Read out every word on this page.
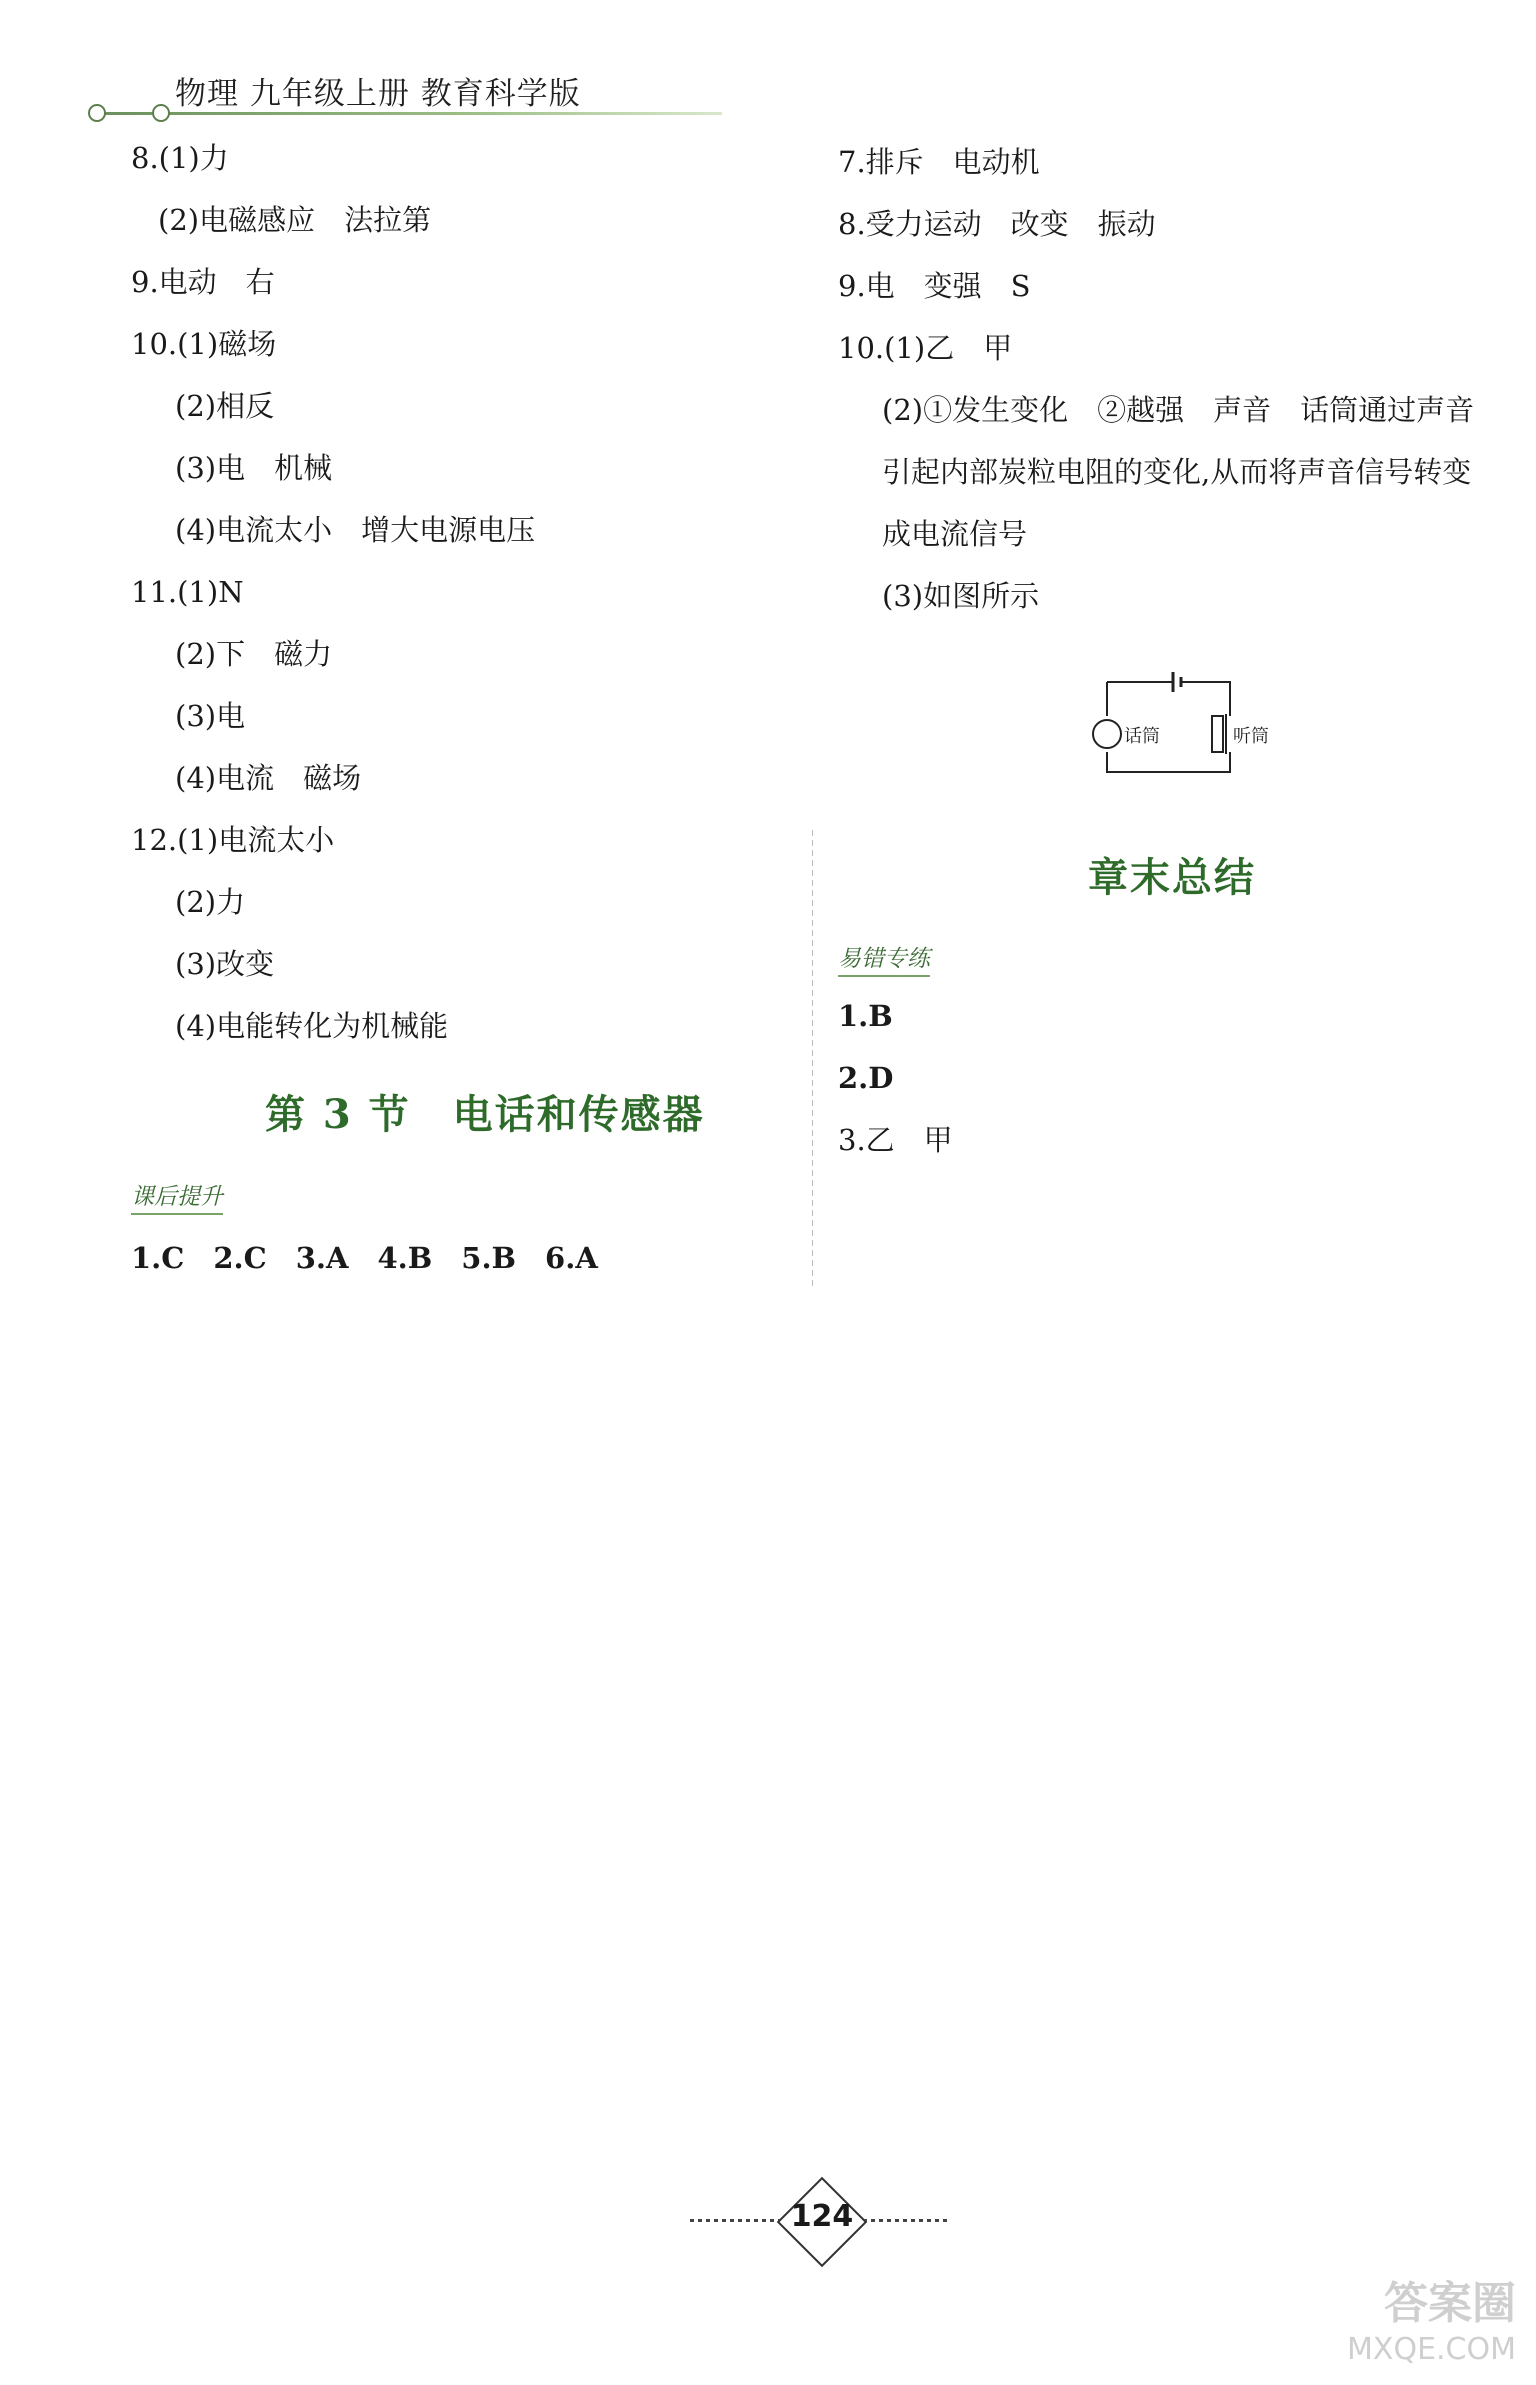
物理 九年级上册 教育科学版
8.(1)力
(2)电磁感应　法拉第
9.电动　右
10.(1)磁场
(2)相反
(3)电　机械
(4)电流太小　增大电源电压
11.(1)N
(2)下　磁力
(3)电
(4)电流　磁场
12.(1)电流太小
(2)力
(3)改变
(4)电能转化为机械能
第 3 节　电话和传感器
课后提升
1.C　2.C　3.A　4.B　5.B　6.A
7.排斥　电动机
8.受力运动　改变　振动
9.电　变强　S
10.(1)乙　甲
(2)①发生变化　②越强　声音　话筒通过声音
引起内部炭粒电阻的变化,从而将声音信号转变
成电流信号
(3)如图所示
话筒	听筒
章末总结
易错专练
1.B
2.D
3.乙　甲
124
答案圈
MXQE.COM
